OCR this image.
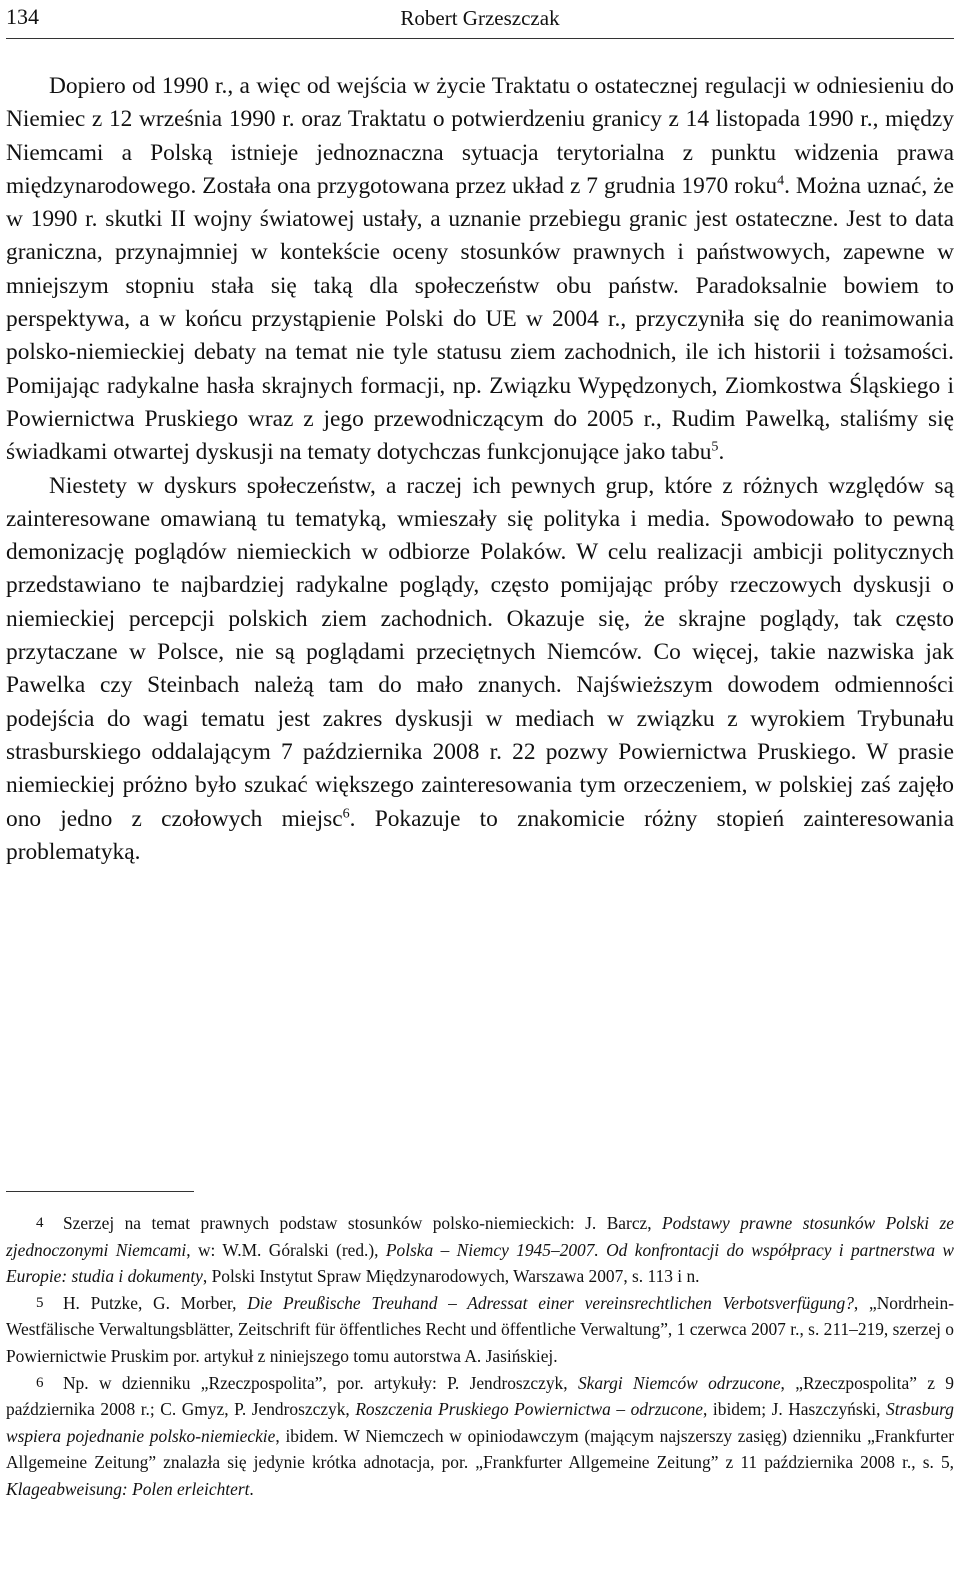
134	Robert Grzeszczak

Dopiero od 1990 r., a więc od wejścia w życie Traktatu o ostatecznej regulacji w odniesieniu do Niemiec z 12 września 1990 r. oraz Traktatu o potwierdzeniu granicy z 14 listopada 1990 r., między Niemcami a Polską istnieje jednoznaczna sytuacja terytorialna z punktu widzenia prawa międzynarodowego. Została ona przygotowana przez układ z 7 grudnia 1970 roku$^4$. Można uznać, że w 1990 r. skutki II wojny światowej ustały, a uznanie przebiegu granic jest ostateczne. Jest to data graniczna, przynajmniej w kontekście oceny stosunków prawnych i państwowych, zapewne w mniejszym stopniu stała się taką dla społeczeństw obu państw. Paradoksalnie bowiem to perspektywa, a w końcu przystąpienie Polski do UE w 2004 r., przyczyniła się do reanimowania polsko-niemieckiej debaty na temat nie tyle statusu ziem zachodnich, ile ich historii i tożsamości. Pomijając radykalne hasła skrajnych formacji, np. Związku Wypędzonych, Ziomkostwa Śląskiego i Powiernictwa Pruskiego wraz z jego przewodniczącym do 2005 r., Rudim Pawelką, staliśmy się świadkami otwartej dyskusji na tematy dotychczas funkcjonujące jako tabu$^5$.

Niestety w dyskurs społeczeństw, a raczej ich pewnych grup, które z różnych względów są zainteresowane omawianą tu tematyką, wmieszały się polityka i media. Spowodowało to pewną demonizację poglądów niemieckich w odbiorze Polaków. W celu realizacji ambicji politycznych przedstawiano te najbardziej radykalne poglądy, często pomijając próby rzeczowych dyskusji o niemieckiej percepcji polskich ziem zachodnich. Okazuje się, że skrajne poglądy, tak często przytaczane w Polsce, nie są poglądami przeciętnych Niemców. Co więcej, takie nazwiska jak Pawelka czy Steinbach należą tam do mało znanych. Najświeższym dowodem odmienności podejścia do wagi tematu jest zakres dyskusji w mediach w związku z wyrokiem Trybunału strasburskiego oddalającym 7 października 2008 r. 22 pozwy Powiernictwa Pruskiego. W prasie niemieckiej próżno było szukać większego zainteresowania tym orzeczeniem, w polskiej zaś zajęło ono jedno z czołowych miejsc$^6$. Pokazuje to znakomicie różny stopień zainteresowania problematyką.

4 Szerzej na temat prawnych podstaw stosunków polsko-niemieckich: J. Barcz, Podstawy prawne stosunków Polski ze zjednoczonymi Niemcami, w: W.M. Góralski (red.), Polska – Niemcy 1945–2007. Od konfrontacji do współpracy i partnerstwa w Europie: studia i dokumenty, Polski Instytut Spraw Międzynarodowych, Warszawa 2007, s. 113 i n.

5 H. Putzke, G. Morber, Die Preußische Treuhand – Adressat einer vereinsrechtlichen Verbotsverfügung?, „Nordrhein-Westfälische Verwaltungsblätter, Zeitschrift für öffentliches Recht und öffentliche Verwaltung”, 1 czerwca 2007 r., s. 211–219, szerzej o Powiernictwie Pruskim por. artykuł z niniejszego tomu autorstwa A. Jasińskiej.

6 Np. w dzienniku „Rzeczpospolita”, por. artykuły: P. Jendroszczyk, Skargi Niemców odrzucone, „Rzeczpospolita” z 9 października 2008 r.; C. Gmyz, P. Jendroszczyk, Roszczenia Pruskiego Powiernictwa – odrzucone, ibidem; J. Haszczyński, Strasburg wspiera pojednanie polsko-niemieckie, ibidem. W Niemczech w opiniodawczym (mającym najszerszy zasięg) dzienniku „Frankfurter Allgemeine Zeitung” znalazła się jedynie krótka adnotacja, por. „Frankfurter Allgemeine Zeitung” z 11 października 2008 r., s. 5, Klageabweisung: Polen erleichtert.
